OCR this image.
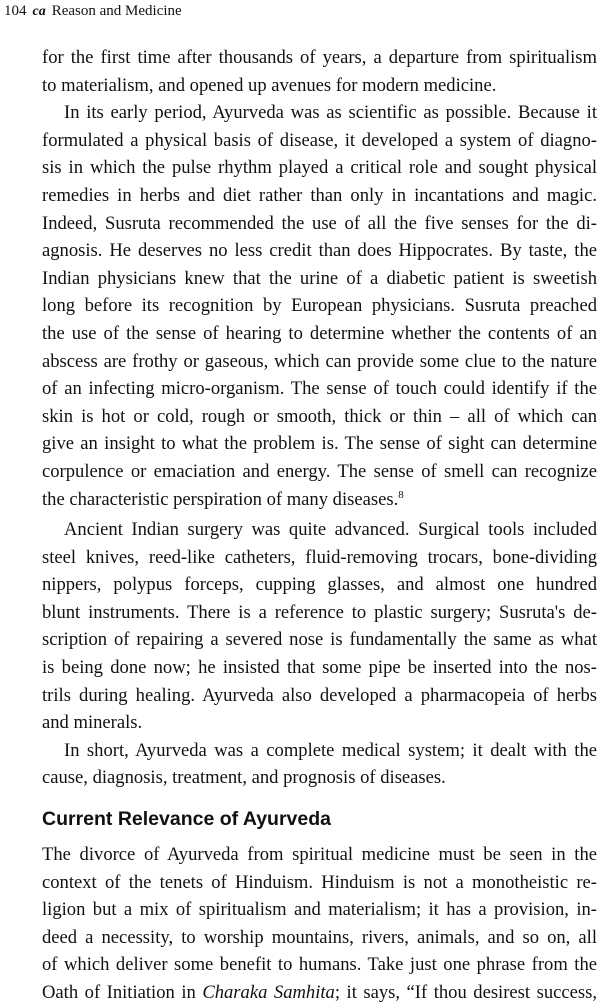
104 ca Reason and Medicine
for the first time after thousands of years, a departure from spiritualism
to materialism, and opened up avenues for modern medicine.
In its early period, Ayurveda was as scientific as possible. Because it
formulated a physical basis of disease, it developed a system of diagno-
sis in which the pulse rhythm played a critical role and sought physical
remedies in herbs and diet rather than only in incantations and magic.
Indeed, Susruta recommended the use of all the five senses for the di-
agnosis. He deserves no less credit than does Hippocrates. By taste, the
Indian physicians knew that the urine of a diabetic patient is sweetish
long before its recognition by European physicians. Susruta preached
the use of the sense of hearing to determine whether the contents of an
abscess are frothy or gaseous, which can provide some clue to the nature
of an infecting micro-organism. The sense of touch could identify if the
skin is hot or cold, rough or smooth, thick or thin – all of which can
give an insight to what the problem is. The sense of sight can determine
corpulence or emaciation and energy. The sense of smell can recognize
the characteristic perspiration of many diseases.$^8$
Ancient Indian surgery was quite advanced. Surgical tools included
steel knives, reed-like catheters, fluid-removing trocars, bone-dividing
nippers, polypus forceps, cupping glasses, and almost one hundred
blunt instruments. There is a reference to plastic surgery; Susruta's de-
scription of repairing a severed nose is fundamentally the same as what
is being done now; he insisted that some pipe be inserted into the nos-
trils during healing. Ayurveda also developed a pharmacopeia of herbs
and minerals.
In short, Ayurveda was a complete medical system; it dealt with the
cause, diagnosis, treatment, and prognosis of diseases.
Current Relevance of Ayurveda
The divorce of Ayurveda from spiritual medicine must be seen in the
context of the tenets of Hinduism. Hinduism is not a monotheistic re-
ligion but a mix of spiritualism and materialism; it has a provision, in-
deed a necessity, to worship mountains, rivers, animals, and so on, all
of which deliver some benefit to humans. Take just one phrase from the
Oath of Initiation in Charaka Samhita; it says, “If thou desirest success,
